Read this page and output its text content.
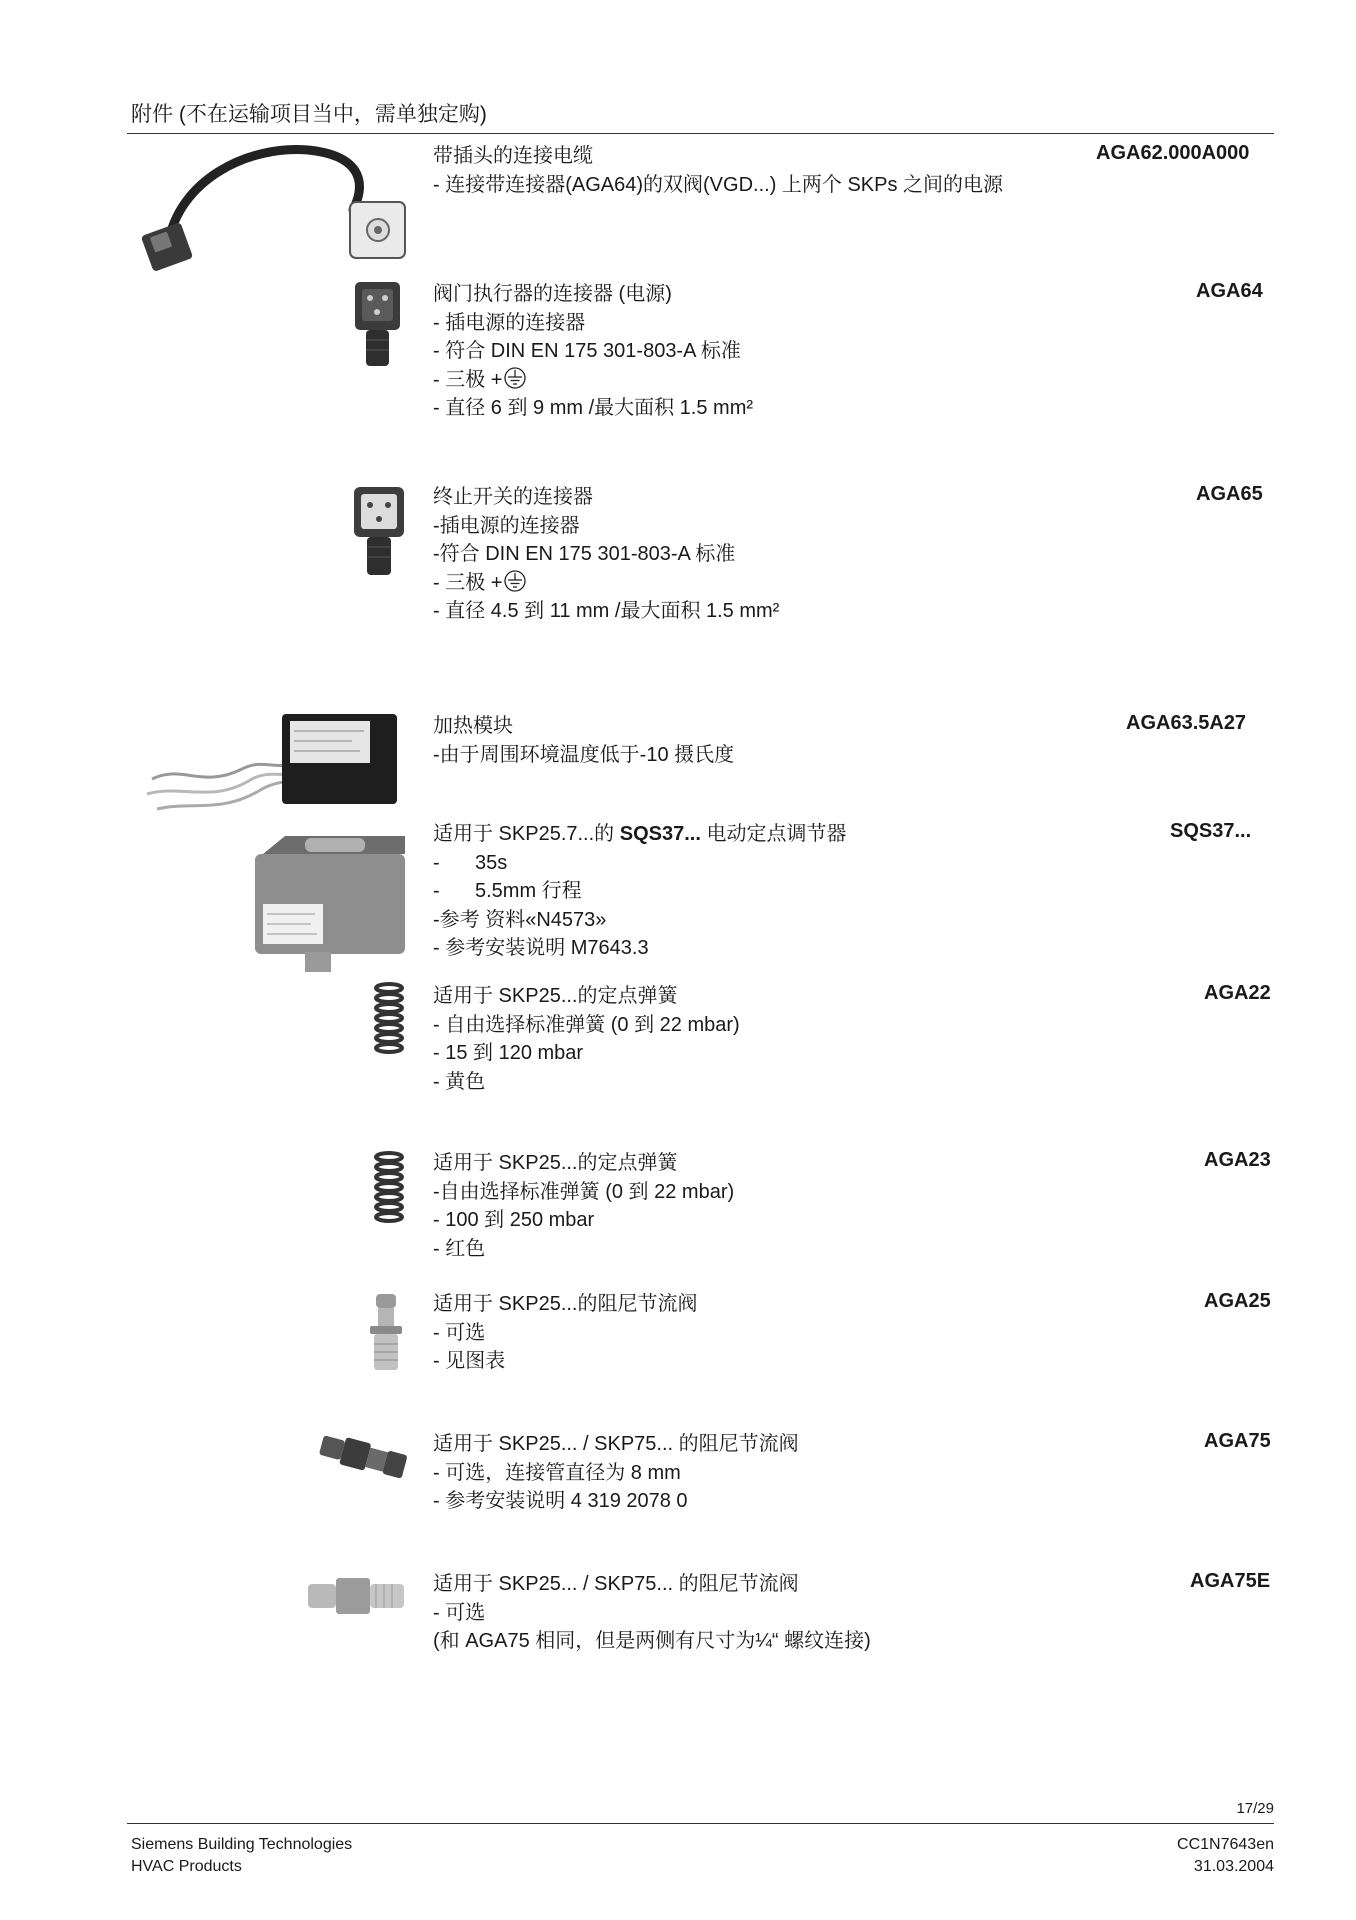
附件 (不在运输项目当中，需单独定购)
带插头的连接电缆
- 连接带连接器(AGA64)的双阀(VGD...) 上两个 SKPs 之间的电源
AGA62.000A000
阀门执行器的连接器 (电源)
- 插电源的连接器
- 符合 DIN EN 175 301-803-A 标准
- 三极 +
- 直径 6 到 9 mm /最大面积 1.5 mm²
AGA64
终止开关的连接器
-插电源的连接器
-符合 DIN EN 175 301-803-A 标准
- 三极 +
- 直径 4.5 到 11 mm /最大面积 1.5 mm²
AGA65
加热模块
-由于周围环境温度低于-10 摄氏度
AGA63.5A27
适用于 SKP25.7...的 SQS37... 电动定点调节器
- 35s
- 5.5mm 行程
-参考 资料«N4573»
- 参考安装说明 M7643.3
SQS37...
适用于 SKP25...的定点弹簧
- 自由选择标准弹簧 (0 到 22 mbar)
- 15 到 120 mbar
- 黄色
AGA22
适用于 SKP25...的定点弹簧
-自由选择标准弹簧 (0 到 22 mbar)
- 100 到 250 mbar
- 红色
AGA23
适用于 SKP25...的阻尼节流阀
- 可选
- 见图表
AGA25
适用于 SKP25... / SKP75... 的阻尼节流阀
- 可选，连接管直径为 8 mm
- 参考安装说明 4 319 2078 0
AGA75
适用于 SKP25... / SKP75... 的阻尼节流阀
- 可选
(和 AGA75 相同，但是两侧有尺寸为¼“ 螺纹连接)
AGA75E
17/29
Siemens Building Technologies
HVAC Products
CC1N7643en
31.03.2004
